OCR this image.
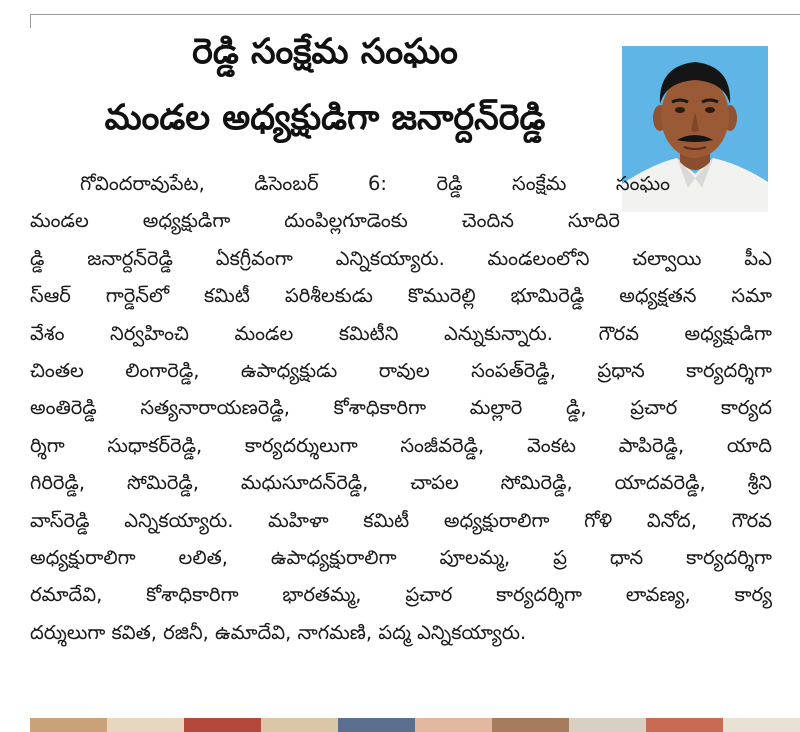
రెడ్డి సంక్షేమ సంఘం
మండల అధ్యక్షుడిగా జనార్దన్‌రెడ్డి
గోవిందరావుపేట, డిసెంబర్ 6: రెడ్డి సంక్షేమ సంఘం
మండల అధ్యక్షుడిగా దుంపిల్లగూడెంకు చెందిన సూదిరె
డ్డి జనార్దన్‌రెడ్డి ఏకగ్రీవంగా ఎన్నికయ్యారు. మండలంలోని చల్వాయి పీఎ
స్‌ఆర్ గార్డెన్‌లో కమిటీ పరిశీలకుడు కొమురెల్లి భూమిరెడ్డి అధ్యక్షతన సమా
వేశం నిర్వహించి మండల కమిటీని ఎన్నుకున్నారు. గౌరవ అధ్యక్షుడిగా
చింతల లింగారెడ్డి, ఉపాధ్యక్షుడు రావుల సంపత్‌రెడ్డి, ప్రధాన కార్యదర్శిగా
అంతిరెడ్డి సత్యనారాయణరెడ్డి, కోశాధికారిగా మల్లారె డ్డి, ప్రచార కార్యద
ర్శిగా సుధాకర్‌రెడ్డి, కార్యదర్శులుగా సంజీవరెడ్డి, వెంకట పాపిరెడ్డి, యాది
గిరిరెడ్డి, సోమిరెడ్డి, మధుసూదన్‌రెడ్డి, చాపల సోమిరెడ్డి, యాదవరెడ్డి, శ్రీని
వాస్‌రెడ్డి ఎన్నికయ్యారు. మహిళా కమిటీ అధ్యక్షురాలిగా గోళి వినోద, గౌరవ
అధ్యక్షురాలిగా లలిత, ఉపాధ్యక్షురాలిగా పూలమ్మ, ప్ర ధాన కార్యదర్శిగా
రమాదేవి, కోశాధికారిగా భారతమ్మ, ప్రచార కార్యదర్శిగా లావణ్య, కార్య
దర్శులుగా కవిత, రజినీ, ఉమాదేవి, నాగమణి, పద్మ ఎన్నికయ్యారు.
